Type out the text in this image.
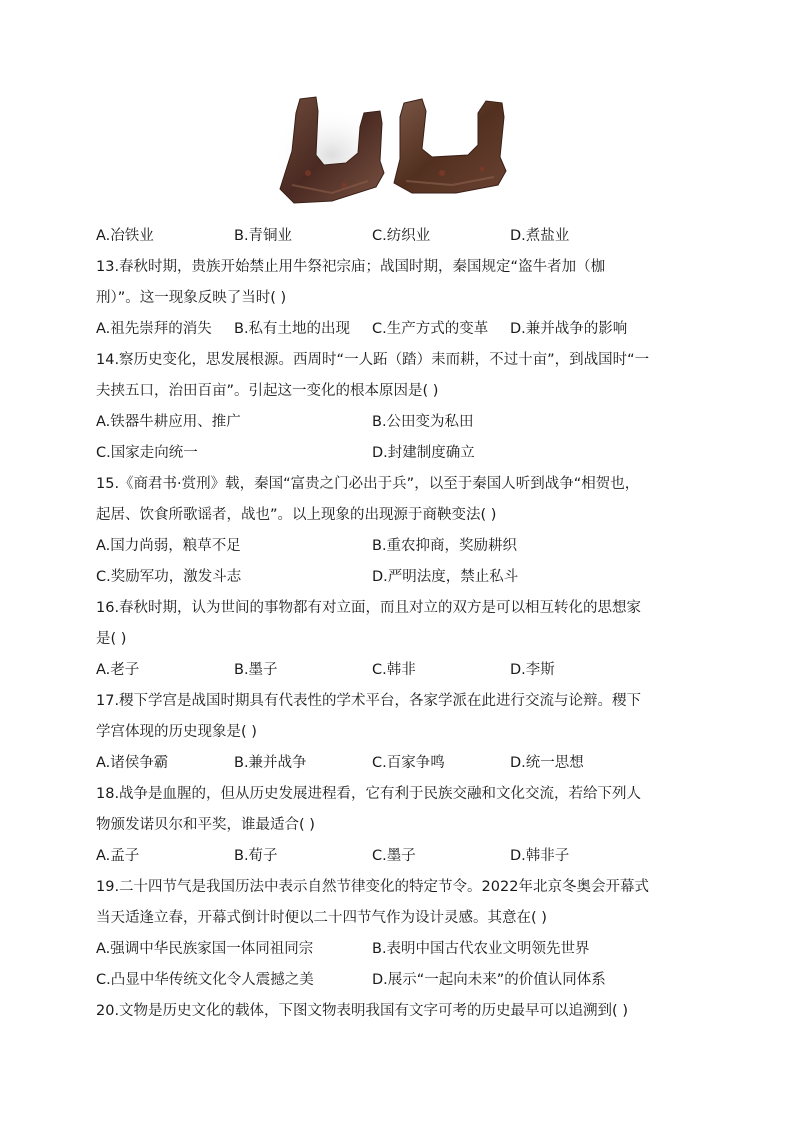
A.冶铁业	B.青铜业	C.纺织业	D.煮盐业
13.春秋时期，贵族开始禁止用牛祭祀宗庙；战国时期，秦国规定“盗牛者加（枷
刑）”。这一现象反映了当时( )
A.祖先崇拜的消失 B.私有土地的出现 C.生产方式的变革 D.兼并战争的影响
14.察历史变化，思发展根源。西周时“一人跖（踏）耒而耕，不过十亩”，到战国时“一
夫挟五口，治田百亩”。引起这一变化的根本原因是( )
A.铁器牛耕应用、推广	B.公田变为私田
C.国家走向统一	D.封建制度确立
15.《商君书·赏刑》载，秦国“富贵之门必出于兵”，以至于秦国人听到战争“相贺也，
起居、饮食所歌谣者，战也”。以上现象的出现源于商鞅变法( )
A.国力尚弱，粮草不足	B.重农抑商，奖励耕织
C.奖励军功，激发斗志	D.严明法度，禁止私斗
16.春秋时期，认为世间的事物都有对立面，而且对立的双方是可以相互转化的思想家
是( )
A.老子	B.墨子	C.韩非	D.李斯
17.稷下学宫是战国时期具有代表性的学术平台，各家学派在此进行交流与论辩。稷下
学宫体现的历史现象是( )
A.诸侯争霸	B.兼并战争	C.百家争鸣	D.统一思想
18.战争是血腥的，但从历史发展进程看，它有利于民族交融和文化交流，若给下列人
物颁发诺贝尔和平奖，谁最适合( )
A.孟子	B.荀子	C.墨子	D.韩非子
19.二十四节气是我国历法中表示自然节律变化的特定节令。2022年北京冬奥会开幕式
当天适逢立春，开幕式倒计时便以二十四节气作为设计灵感。其意在( )
A.强调中华民族家国一体同祖同宗	B.表明中国古代农业文明领先世界
C.凸显中华传统文化令人震撼之美	D.展示“一起向未来”的价值认同体系
20.文物是历史文化的载体，下图文物表明我国有文字可考的历史最早可以追溯到( )
